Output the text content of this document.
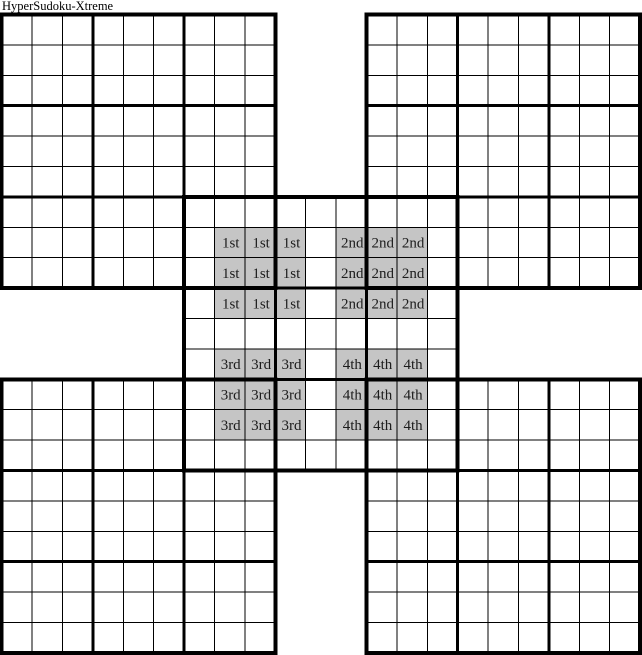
HyperSudoku-Xtreme
1st 1st 1st
1st 1st 1st
1st 1st 1st
2nd 2nd 2nd
2nd 2nd 2nd
2nd 2nd 2nd
3rd 3rd 3rd
3rd 3rd 3rd
3rd 3rd 3rd
4th 4th 4th
4th 4th 4th
4th 4th 4th
